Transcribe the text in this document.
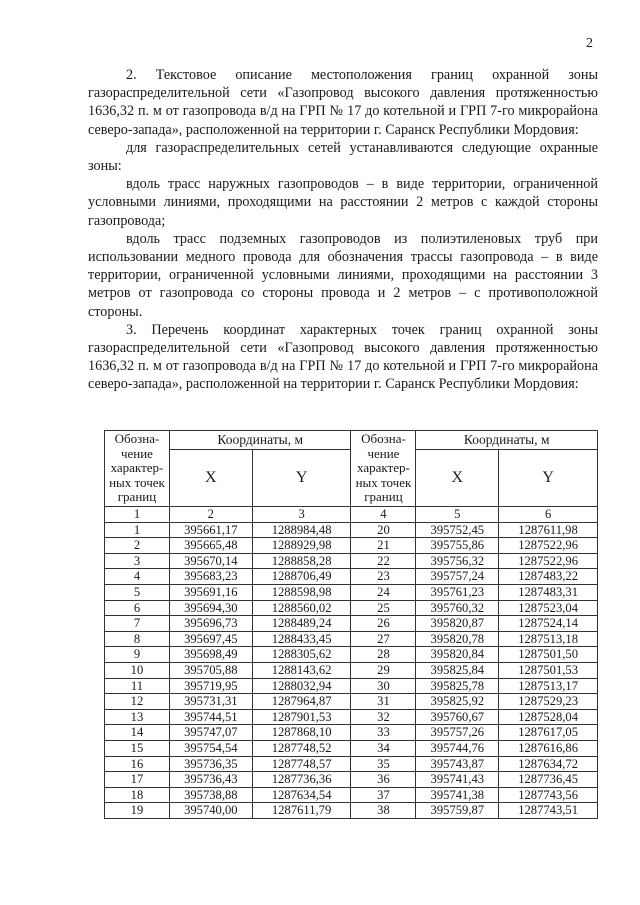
2

2. Текстовое описание местоположения границ охранной зоны газораспределительной сети «Газопровод высокого давления протяженностью 1636,32 п. м от газопровода в/д на ГРП № 17 до котельной и ГРП 7-го микрорайона северо-запада», расположенной на территории г. Саранск Республики Мордовия:

для газораспределительных сетей устанавливаются следующие охранные зоны:

вдоль трасс наружных газопроводов – в виде территории, ограниченной условными линиями, проходящими на расстоянии 2 метров с каждой стороны газопровода;

вдоль трасс подземных газопроводов из полиэтиленовых труб при использовании медного провода для обозначения трассы газопровода – в виде территории, ограниченной условными линиями, проходящими на расстоянии 3 метров от газопровода со стороны провода и 2 метров – с противоположной стороны.

3. Перечень координат характерных точек границ охранной зоны газораспределительной сети «Газопровод высокого давления протяженностью 1636,32 п. м от газопровода в/д на ГРП № 17 до котельной и ГРП 7-го микрорайона северо-запада», расположенной на территории г. Саранск Республики Мордовия:

Обозна-чение характер-ных точек границ	Координаты, м		Обозна-чение характер-ных точек границ	Координаты, м	
	X	Y		X	Y
1	2	3	4	5	6
1	395661,17	1288984,48	20	395752,45	1287611,98
2	395665,48	1288929,98	21	395755,86	1287522,96
3	395670,14	1288858,28	22	395756,32	1287522,96
4	395683,23	1288706,49	23	395757,24	1287483,22
5	395691,16	1288598,98	24	395761,23	1287483,31
6	395694,30	1288560,02	25	395760,32	1287523,04
7	395696,73	1288489,24	26	395820,87	1287524,14
8	395697,45	1288433,45	27	395820,78	1287513,18
9	395698,49	1288305,62	28	395820,84	1287501,50
10	395705,88	1288143,62	29	395825,84	1287501,53
11	395719,95	1288032,94	30	395825,78	1287513,17
12	395731,31	1287964,87	31	395825,92	1287529,23
13	395744,51	1287901,53	32	395760,67	1287528,04
14	395747,07	1287868,10	33	395757,26	1287617,05
15	395754,54	1287748,52	34	395744,76	1287616,86
16	395736,35	1287748,57	35	395743,87	1287634,72
17	395736,43	1287736,36	36	395741,43	1287736,45
18	395738,88	1287634,54	37	395741,38	1287743,56
19	395740,00	1287611,79	38	395759,87	1287743,51
